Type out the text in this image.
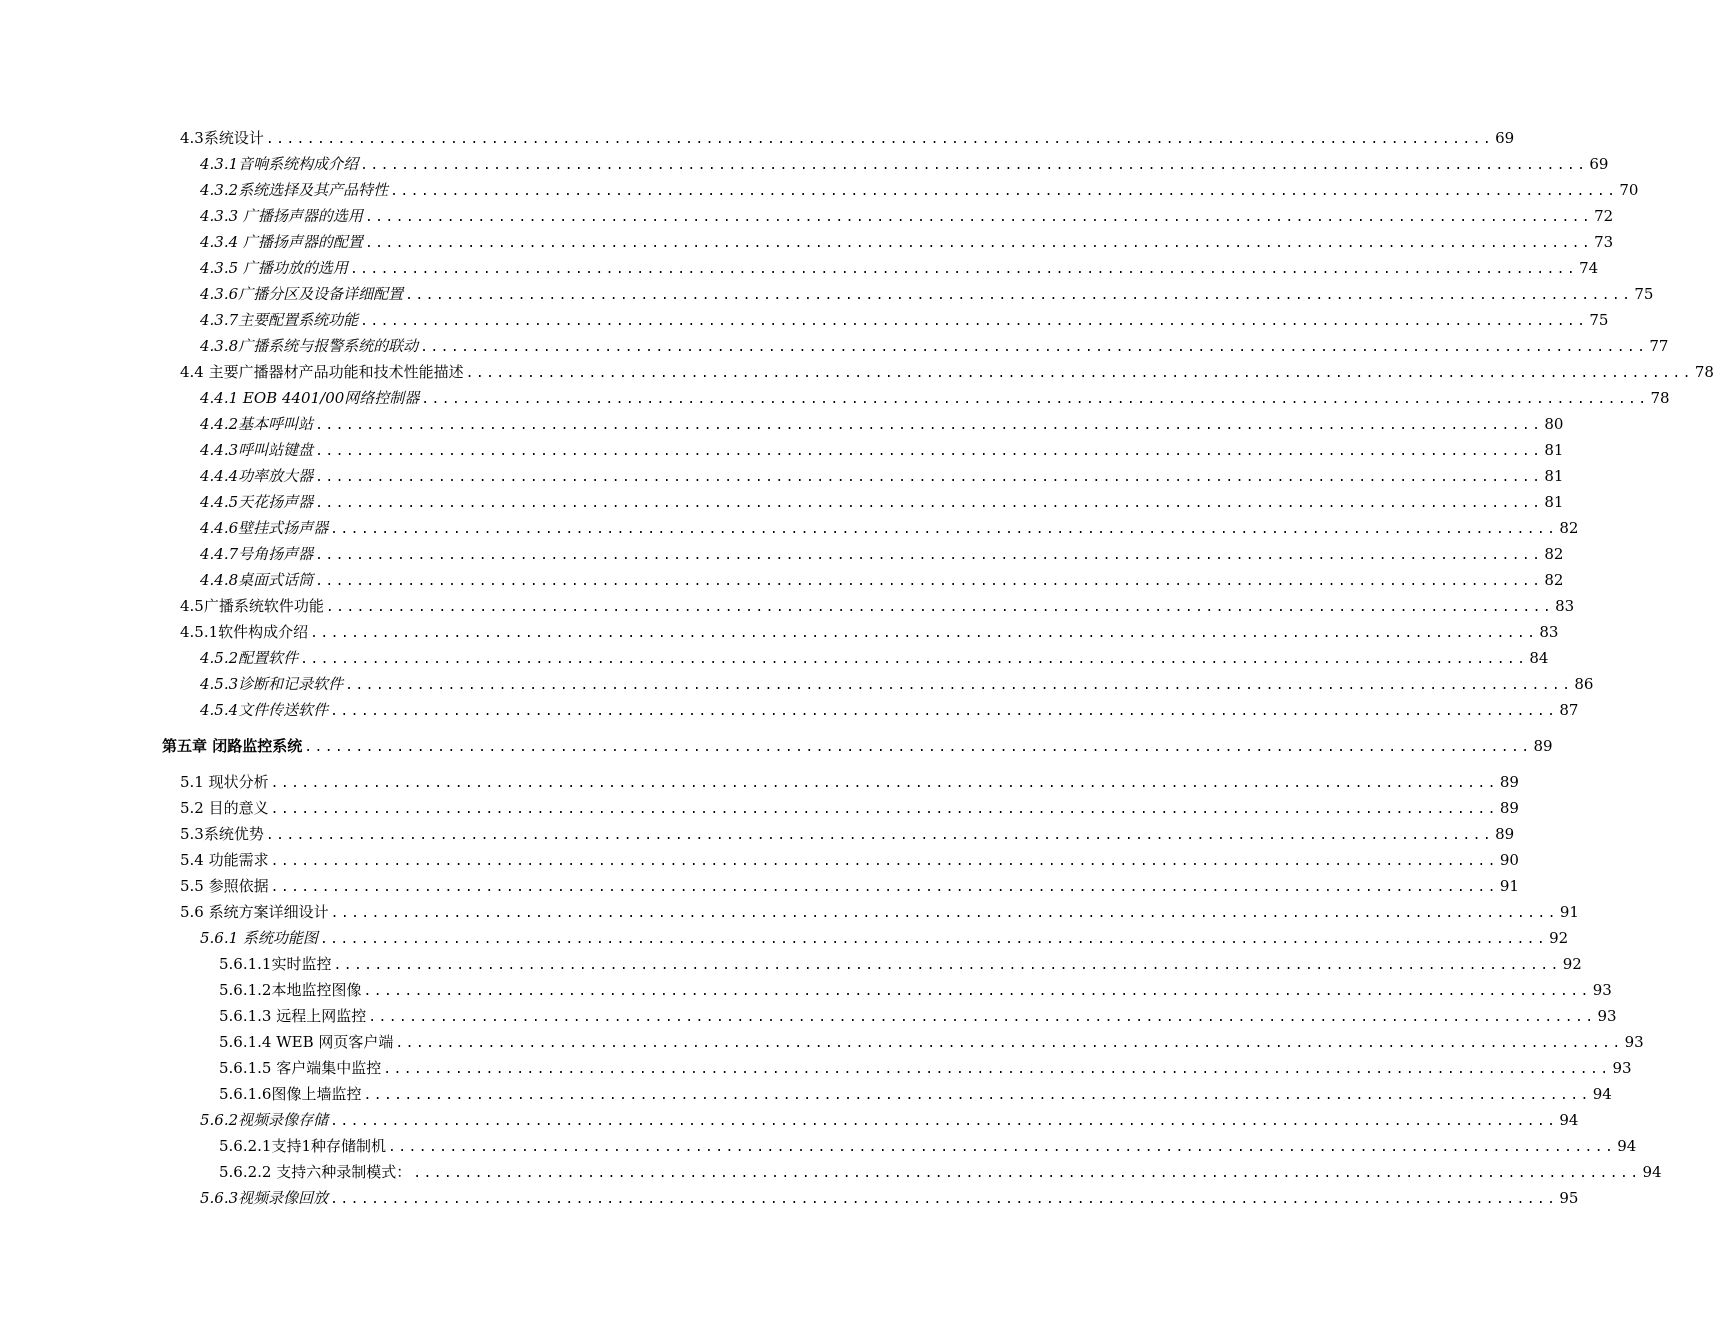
4.3系统设计 ........................................................................................................................ 69
4.3.1音响系统构成介绍 ........................................................................................................................ 69
4.3.2系统选择及其产品特性 ........................................................................................................................ 70
4.3.3 广播扬声器的选用 ........................................................................................................................ 72
4.3.4 广播扬声器的配置 ........................................................................................................................ 73
4.3.5 广播功放的选用 ........................................................................................................................ 74
4.3.6广播分区及设备详细配置 ........................................................................................................................ 75
4.3.7主要配置系统功能 ........................................................................................................................ 75
4.3.8广播系统与报警系统的联动 ........................................................................................................................ 77
4.4 主要广播器材产品功能和技术性能描述 ........................................................................................................................ 78
4.4.1 EOB 4401/00网络控制器 ........................................................................................................................ 78
4.4.2基本呼叫站 ........................................................................................................................ 80
4.4.3呼叫站键盘 ........................................................................................................................ 81
4.4.4功率放大器 ........................................................................................................................ 81
4.4.5天花扬声器 ........................................................................................................................ 81
4.4.6壁挂式扬声器 ........................................................................................................................ 82
4.4.7号角扬声器 ........................................................................................................................ 82
4.4.8桌面式话筒 ........................................................................................................................ 82
4.5广播系统软件功能 ........................................................................................................................ 83
4.5.1软件构成介绍 ........................................................................................................................ 83
4.5.2配置软件 ........................................................................................................................ 84
4.5.3诊断和记录软件 ........................................................................................................................ 86
4.5.4文件传送软件 ........................................................................................................................ 87
第五章 闭路监控系统 ........................................................................................................................ 89
5.1 现状分析 ........................................................................................................................ 89
5.2 目的意义 ........................................................................................................................ 89
5.3系统优势 ........................................................................................................................ 89
5.4 功能需求 ........................................................................................................................ 90
5.5 参照依据 ........................................................................................................................ 91
5.6 系统方案详细设计 ........................................................................................................................ 91
5.6.1 系统功能图 ........................................................................................................................ 92
5.6.1.1实时监控 ........................................................................................................................ 92
5.6.1.2本地监控图像 ........................................................................................................................ 93
5.6.1.3 远程上网监控 ........................................................................................................................ 93
5.6.1.4 WEB 网页客户端 ........................................................................................................................ 93
5.6.1.5 客户端集中监控 ........................................................................................................................ 93
5.6.1.6图像上墙监控 ........................................................................................................................ 94
5.6.2视频录像存储 ........................................................................................................................ 94
5.6.2.1支持1种存储制机 ........................................................................................................................ 94
5.6.2.2 支持六种录制模式： ........................................................................................................................ 94
5.6.3视频录像回放 ........................................................................................................................ 95
